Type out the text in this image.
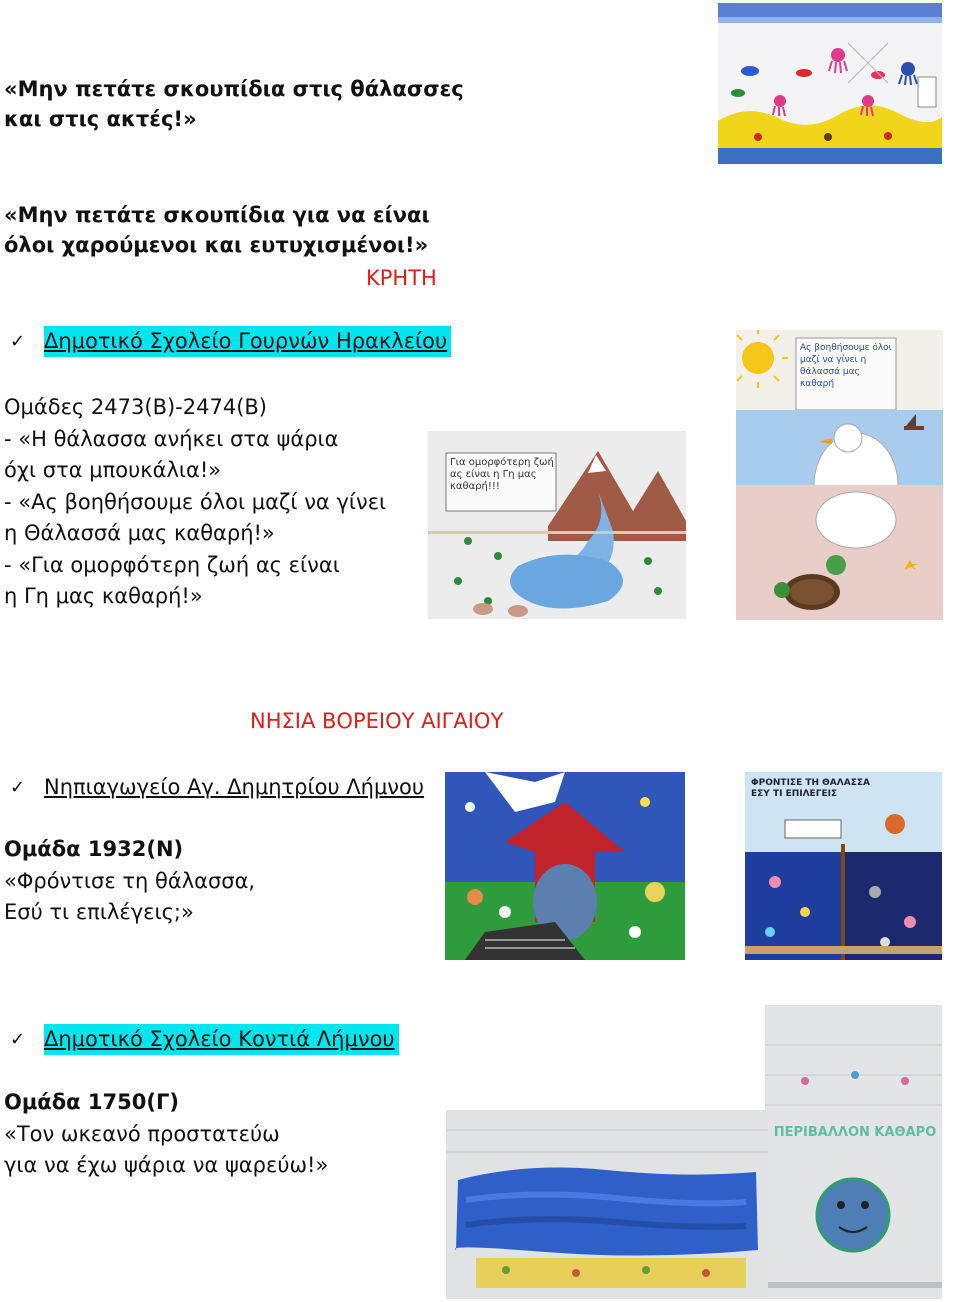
«Μην πετάτε σκουπίδια στις θάλασσες
και στις ακτές!»
«Μην πετάτε σκουπίδια για να είναι
όλοι χαρούμενοι και ευτυχισμένοι!»
ΚΡΗΤΗ
✓ Δημοτικό Σχολείο Γουρνών Ηρακλείου
Ομάδες 2473(Β)-2474(Β)
- «Η θάλασσα ανήκει στα ψάρια
όχι στα μπουκάλια!»
- «Ας βοηθήσουμε όλοι μαζί να γίνει
η Θάλασσά μας καθαρή!»
- «Για ομορφότερη ζωή ας είναι
η Γη μας καθαρή!»
ΝΗΣΙΑ ΒΟΡΕΙΟΥ ΑΙΓΑΙΟΥ
✓ Νηπιαγωγείο Αγ. Δημητρίου Λήμνου
Ομάδα 1932(Ν)
«Φρόντισε τη θάλασσα,
Εσύ τι επιλέγεις;»
✓ Δημοτικό Σχολείο Κοντιά Λήμνου
Ομάδα 1750(Γ)
«Τον ωκεανό προστατεύω
για να έχω ψάρια να ψαρεύω!»
Για ομορφότερη ζωή ας είναι η Γη μας καθαρή!!!
Ας βοηθήσουμε όλοι μαζί να γίνει η θάλασσά μας καθαρή
ΦΡΟΝΤΙΣΕ ΤΗ ΘΑΛΑΣΣΑ ΕΣΥ ΤΙ ΕΠΙΛΕΓΕΙΣ
ΠΕΡΙΒΑΛΛΟΝ ΚΑΘΑΡΟ
